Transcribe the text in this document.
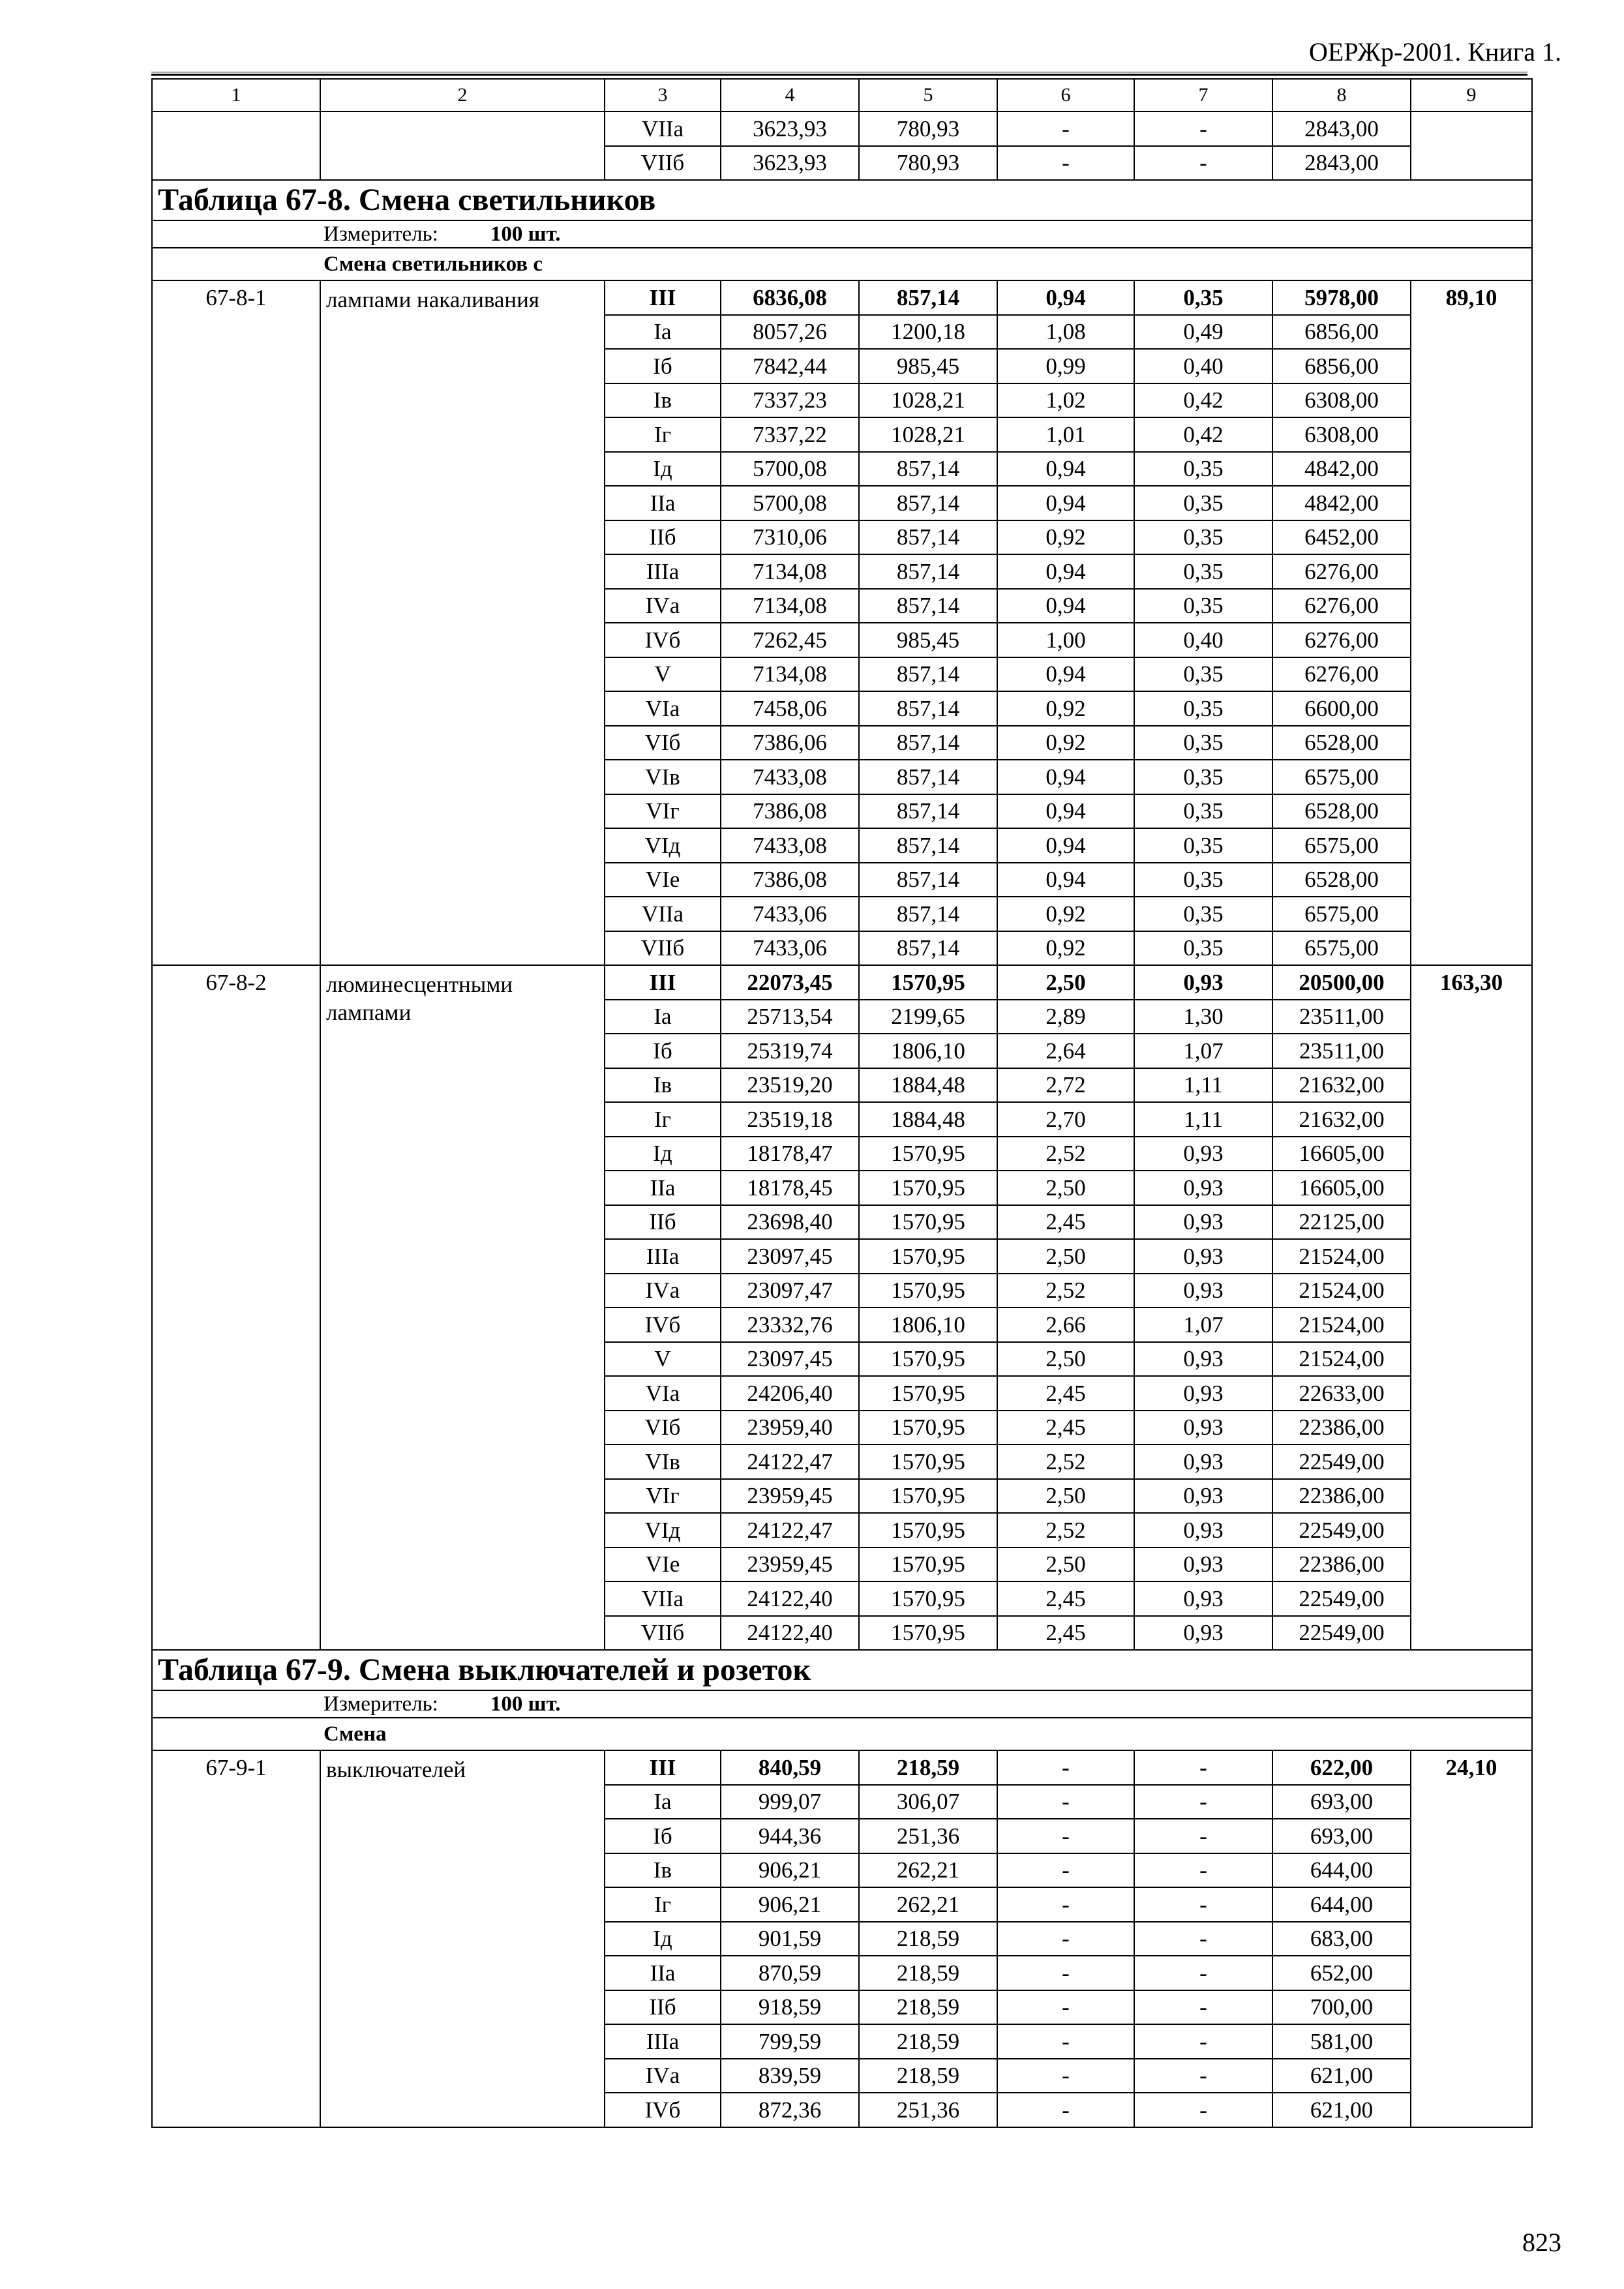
ОЕРЖр-2001. Книга 1.
1	2	3	4	5	6	7	8	9
		VIIа	3623,93	780,93	-	-	2843,00	
		VIIб	3623,93	780,93	-	-	2843,00	
Таблица 67-8. Смена светильников								
Измеритель: 100 шт.								
Смена светильников с								
67-8-1	лампами накаливания	III	6836,08	857,14	0,94	0,35	5978,00	89,10
		Iа	8057,26	1200,18	1,08	0,49	6856,00	
		Iб	7842,44	985,45	0,99	0,40	6856,00	
		Iв	7337,23	1028,21	1,02	0,42	6308,00	
		Iг	7337,22	1028,21	1,01	0,42	6308,00	
		Iд	5700,08	857,14	0,94	0,35	4842,00	
		IIа	5700,08	857,14	0,94	0,35	4842,00	
		IIб	7310,06	857,14	0,92	0,35	6452,00	
		IIIа	7134,08	857,14	0,94	0,35	6276,00	
		IVа	7134,08	857,14	0,94	0,35	6276,00	
		IVб	7262,45	985,45	1,00	0,40	6276,00	
		V	7134,08	857,14	0,94	0,35	6276,00	
		VIа	7458,06	857,14	0,92	0,35	6600,00	
		VIб	7386,06	857,14	0,92	0,35	6528,00	
		VIв	7433,08	857,14	0,94	0,35	6575,00	
		VIг	7386,08	857,14	0,94	0,35	6528,00	
		VIд	7433,08	857,14	0,94	0,35	6575,00	
		VIе	7386,08	857,14	0,94	0,35	6528,00	
		VIIа	7433,06	857,14	0,92	0,35	6575,00	
		VIIб	7433,06	857,14	0,92	0,35	6575,00	
67-8-2	люминесцентными лампами	III	22073,45	1570,95	2,50	0,93	20500,00	163,30
		Iа	25713,54	2199,65	2,89	1,30	23511,00	
		Iб	25319,74	1806,10	2,64	1,07	23511,00	
		Iв	23519,20	1884,48	2,72	1,11	21632,00	
		Iг	23519,18	1884,48	2,70	1,11	21632,00	
		Iд	18178,47	1570,95	2,52	0,93	16605,00	
		IIа	18178,45	1570,95	2,50	0,93	16605,00	
		IIб	23698,40	1570,95	2,45	0,93	22125,00	
		IIIа	23097,45	1570,95	2,50	0,93	21524,00	
		IVа	23097,47	1570,95	2,52	0,93	21524,00	
		IVб	23332,76	1806,10	2,66	1,07	21524,00	
		V	23097,45	1570,95	2,50	0,93	21524,00	
		VIа	24206,40	1570,95	2,45	0,93	22633,00	
		VIб	23959,40	1570,95	2,45	0,93	22386,00	
		VIв	24122,47	1570,95	2,52	0,93	22549,00	
		VIг	23959,45	1570,95	2,50	0,93	22386,00	
		VIд	24122,47	1570,95	2,52	0,93	22549,00	
		VIе	23959,45	1570,95	2,50	0,93	22386,00	
		VIIа	24122,40	1570,95	2,45	0,93	22549,00	
		VIIб	24122,40	1570,95	2,45	0,93	22549,00	
Таблица 67-9. Смена выключателей и розеток								
Измеритель: 100 шт.								
Смена								
67-9-1	выключателей	III	840,59	218,59	-	-	622,00	24,10
		Iа	999,07	306,07	-	-	693,00	
		Iб	944,36	251,36	-	-	693,00	
		Iв	906,21	262,21	-	-	644,00	
		Iг	906,21	262,21	-	-	644,00	
		Iд	901,59	218,59	-	-	683,00	
		IIа	870,59	218,59	-	-	652,00	
		IIб	918,59	218,59	-	-	700,00	
		IIIа	799,59	218,59	-	-	581,00	
		IVа	839,59	218,59	-	-	621,00	
		IVб	872,36	251,36	-	-	621,00	
823
